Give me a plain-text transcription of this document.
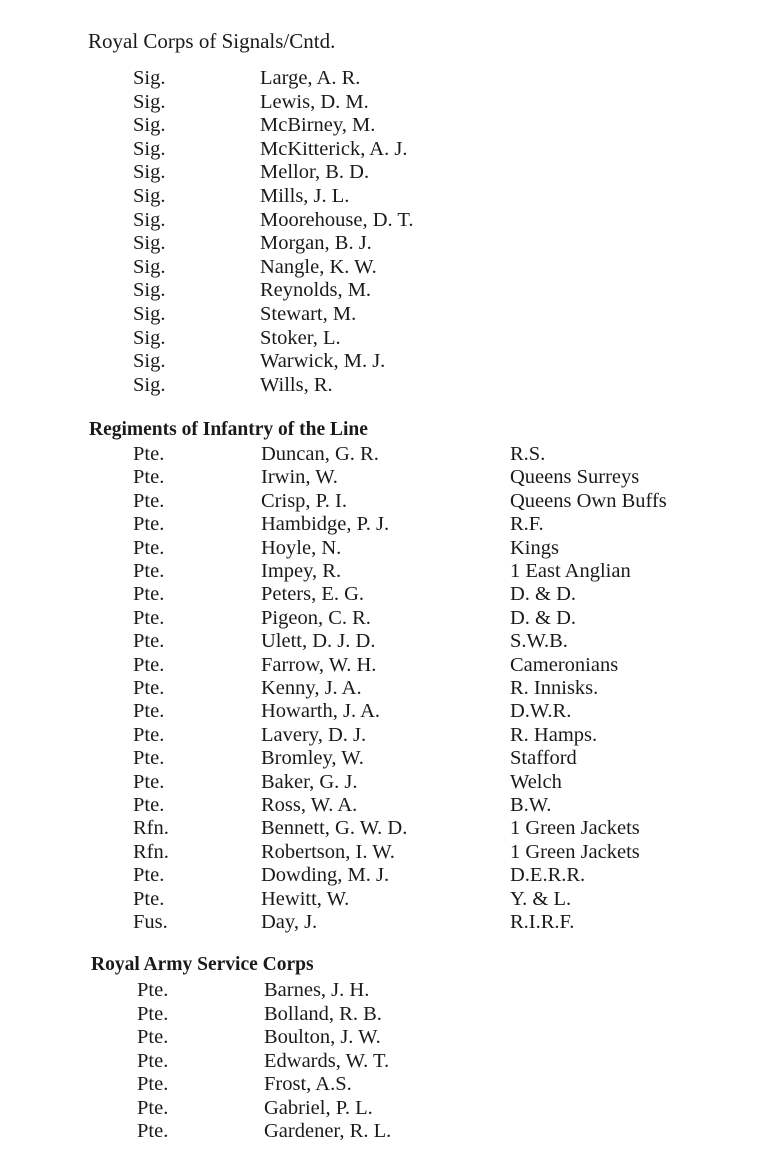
Royal Corps of Signals/Cntd.
Sig.	Large, A. R.
Sig.	Lewis, D. M.
Sig.	McBirney, M.
Sig.	McKitterick, A. J.
Sig.	Mellor, B. D.
Sig.	Mills, J. L.
Sig.	Moorehouse, D. T.
Sig.	Morgan, B. J.
Sig.	Nangle, K. W.
Sig.	Reynolds, M.
Sig.	Stewart, M.
Sig.	Stoker, L.
Sig.	Warwick, M. J.
Sig.	Wills, R.
Regiments of Infantry of the Line
Pte.	Duncan, G. R.	R.S.
Pte.	Irwin, W.	Queens Surreys
Pte.	Crisp, P. I.	Queens Own Buffs
Pte.	Hambidge, P. J.	R.F.
Pte.	Hoyle, N.	Kings
Pte.	Impey, R.	1 East Anglian
Pte.	Peters, E. G.	D. & D.
Pte.	Pigeon, C. R.	D. & D.
Pte.	Ulett, D. J. D.	S.W.B.
Pte.	Farrow, W. H.	Cameronians
Pte.	Kenny, J. A.	R. Innisks.
Pte.	Howarth, J. A.	D.W.R.
Pte.	Lavery, D. J.	R. Hamps.
Pte.	Bromley, W.	Stafford
Pte.	Baker, G. J.	Welch
Pte.	Ross, W. A.	B.W.
Rfn.	Bennett, G. W. D.	1 Green Jackets
Rfn.	Robertson, I. W.	1 Green Jackets
Pte.	Dowding, M. J.	D.E.R.R.
Pte.	Hewitt, W.	Y. & L.
Fus.	Day, J.	R.I.R.F.
Royal Army Service Corps
Pte.	Barnes, J. H.
Pte.	Bolland, R. B.
Pte.	Boulton, J. W.
Pte.	Edwards, W. T.
Pte.	Frost, A.S.
Pte.	Gabriel, P. L.
Pte.	Gardener, R. L.
